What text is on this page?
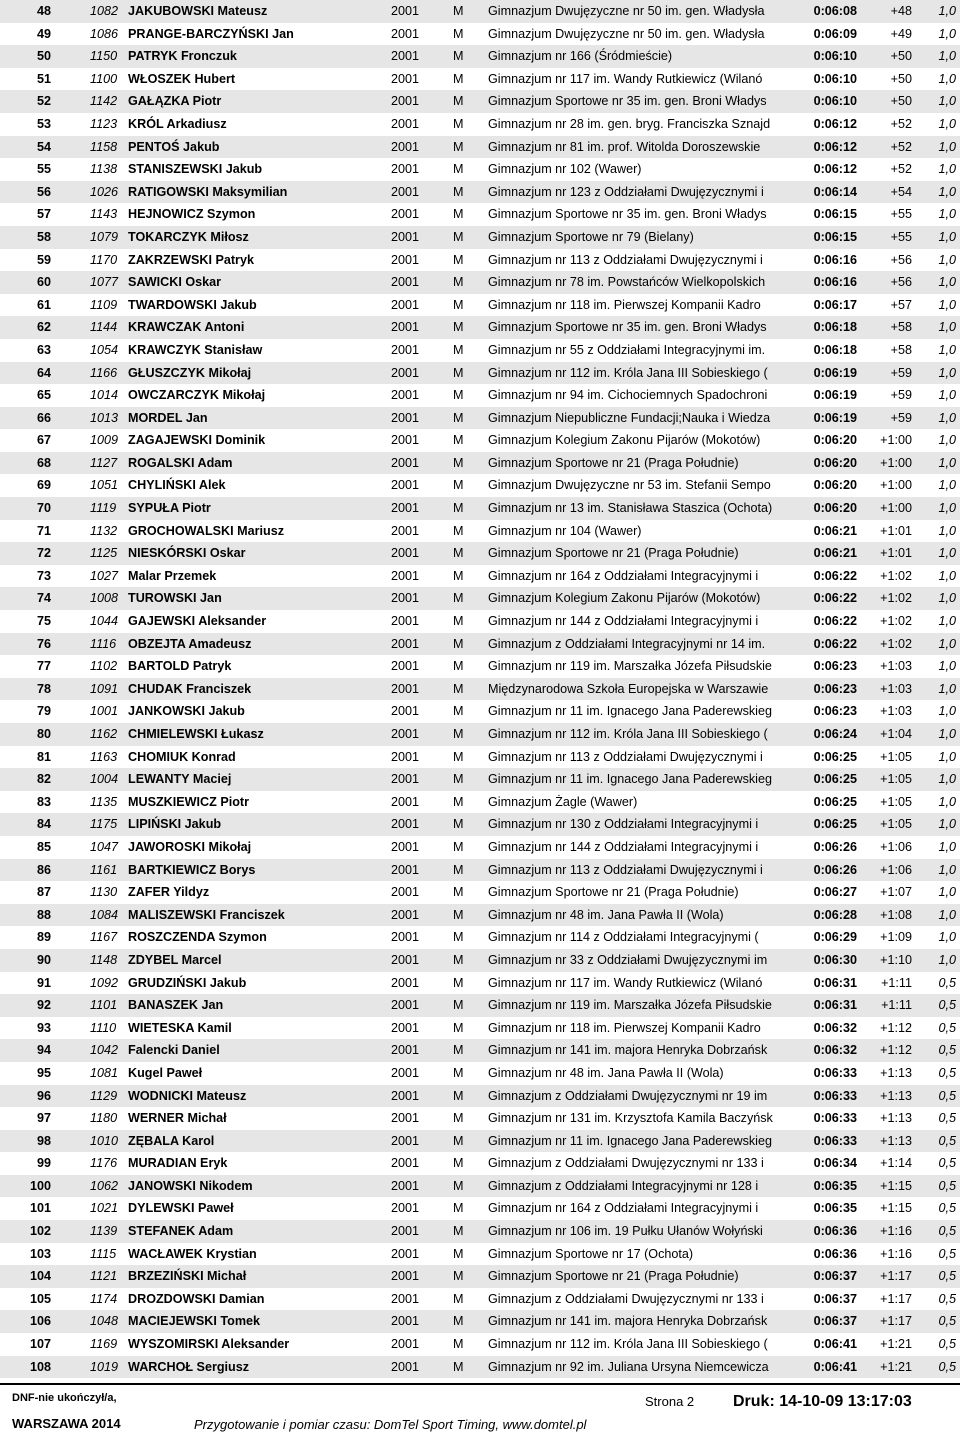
48	1082 JAKUBOWSKI Mateusz	2001	M	Gimnazjum Dwujęzyczne nr 50 im. gen. Władysła	0:06:08	+48	1,0
49	1086 PRANGE-BARCZYŃSKI Jan	2001	M	Gimnazjum Dwujęzyczne nr 50 im. gen. Władysła	0:06:09	+49	1,0
50	1150 PATRYK Fronczuk	2001	M	Gimnazjum nr 166 (Śródmieście)	0:06:10	+50	1,0
51	1100 WŁOSZEK Hubert	2001	M	Gimnazjum nr 117 im. Wandy Rutkiewicz (Wilanó	0:06:10	+50	1,0
52	1142 GAŁĄZKA Piotr	2001	M	Gimnazjum Sportowe nr 35 im. gen. Broni Władys	0:06:10	+50	1,0
53	1123 KRÓL Arkadiusz	2001	M	Gimnazjum nr 28 im. gen. bryg. Franciszka Sznajd	0:06:12	+52	1,0
54	1158 PENTOŚ Jakub	2001	M	Gimnazjum nr 81 im. prof. Witolda Doroszewskie	0:06:12	+52	1,0
55	1138 STANISZEWSKI Jakub	2001	M	Gimnazjum nr 102 (Wawer)	0:06:12	+52	1,0
56	1026 RATIGOWSKI Maksymilian	2001	M	Gimnazjum nr 123 z Oddziałami Dwujęzycznymi i	0:06:14	+54	1,0
57	1143 HEJNOWICZ Szymon	2001	M	Gimnazjum Sportowe nr 35 im. gen. Broni Władys	0:06:15	+55	1,0
58	1079 TOKARCZYK Miłosz	2001	M	Gimnazjum Sportowe nr 79 (Bielany)	0:06:15	+55	1,0
59	1170 ZAKRZEWSKI Patryk	2001	M	Gimnazjum nr 113 z Oddziałami Dwujęzycznymi i	0:06:16	+56	1,0
60	1077 SAWICKI Oskar	2001	M	Gimnazjum nr 78 im. Powstańców Wielkopolskich	0:06:16	+56	1,0
61	1109 TWARDOWSKI Jakub	2001	M	Gimnazjum nr 118 im. Pierwszej Kompanii Kadro	0:06:17	+57	1,0
62	1144 KRAWCZAK Antoni	2001	M	Gimnazjum Sportowe nr 35 im. gen. Broni Władys	0:06:18	+58	1,0
63	1054 KRAWCZYK Stanisław	2001	M	Gimnazjum nr 55 z Oddziałami Integracyjnymi im.	0:06:18	+58	1,0
64	1166 GŁUSZCZYK Mikołaj	2001	M	Gimnazjum nr 112 im. Króla Jana III Sobieskiego (	0:06:19	+59	1,0
65	1014 OWCZARCZYK Mikołaj	2001	M	Gimnazjum nr 94 im. Cichociemnych Spadochroni	0:06:19	+59	1,0
66	1013 MORDEL Jan	2001	M	Gimnazjum Niepubliczne Fundacji;Nauka i Wiedza	0:06:19	+59	1,0
67	1009 ZAGAJEWSKI Dominik	2001	M	Gimnazjum Kolegium Zakonu Pijarów (Mokotów)	0:06:20	+1:00	1,0
68	1127 ROGALSKI Adam	2001	M	Gimnazjum Sportowe nr 21 (Praga Południe)	0:06:20	+1:00	1,0
69	1051 CHYLIŃSKI Alek	2001	M	Gimnazjum Dwujęzyczne nr 53 im. Stefanii Sempo	0:06:20	+1:00	1,0
70	1119 SYPUŁA Piotr	2001	M	Gimnazjum nr 13 im. Stanisława Staszica (Ochota)	0:06:20	+1:00	1,0
71	1132 GROCHOWALSKI Mariusz	2001	M	Gimnazjum nr 104 (Wawer)	0:06:21	+1:01	1,0
72	1125 NIESKÓRSKI Oskar	2001	M	Gimnazjum Sportowe nr 21 (Praga Południe)	0:06:21	+1:01	1,0
73	1027 Malar Przemek	2001	M	Gimnazjum nr 164 z Oddziałami Integracyjnymi i	0:06:22	+1:02	1,0
74	1008 TUROWSKI Jan	2001	M	Gimnazjum Kolegium Zakonu Pijarów (Mokotów)	0:06:22	+1:02	1,0
75	1044 GAJEWSKI Aleksander	2001	M	Gimnazjum nr 144 z Oddziałami Integracyjnymi i	0:06:22	+1:02	1,0
76	1116 OBZEJTA Amadeusz	2001	M	Gimnazjum z Oddziałami Integracyjnymi nr 14 im.	0:06:22	+1:02	1,0
77	1102 BARTOLD Patryk	2001	M	Gimnazjum nr 119 im. Marszałka Józefa Piłsudskie	0:06:23	+1:03	1,0
78	1091 CHUDAK Franciszek	2001	M	Międzynarodowa Szkoła Europejska w Warszawie	0:06:23	+1:03	1,0
79	1001 JANKOWSKI Jakub	2001	M	Gimnazjum nr 11 im. Ignacego Jana Paderewskieg	0:06:23	+1:03	1,0
80	1162 CHMIELEWSKI Łukasz	2001	M	Gimnazjum nr 112 im. Króla Jana III Sobieskiego (	0:06:24	+1:04	1,0
81	1163 CHOMIUK Konrad	2001	M	Gimnazjum nr 113 z Oddziałami Dwujęzycznymi i	0:06:25	+1:05	1,0
82	1004 LEWANTY Maciej	2001	M	Gimnazjum nr 11 im. Ignacego Jana Paderewskieg	0:06:25	+1:05	1,0
83	1135 MUSZKIEWICZ Piotr	2001	M	Gimnazjum Żagle (Wawer)	0:06:25	+1:05	1,0
84	1175 LIPIŃSKI Jakub	2001	M	Gimnazjum nr 130 z Oddziałami Integracyjnymi i	0:06:25	+1:05	1,0
85	1047 JAWOROSKI Mikołaj	2001	M	Gimnazjum nr 144 z Oddziałami Integracyjnymi i	0:06:26	+1:06	1,0
86	1161 BARTKIEWICZ Borys	2001	M	Gimnazjum nr 113 z Oddziałami Dwujęzycznymi i	0:06:26	+1:06	1,0
87	1130 ZAFER Yildyz	2001	M	Gimnazjum Sportowe nr 21 (Praga Południe)	0:06:27	+1:07	1,0
88	1084 MALISZEWSKI Franciszek	2001	M	Gimnazjum nr 48 im. Jana Pawła II (Wola)	0:06:28	+1:08	1,0
89	1167 ROSZCZENDA Szymon	2001	M	Gimnazjum nr 114 z Oddziałami Integracyjnymi (	0:06:29	+1:09	1,0
90	1148 ZDYBEL Marcel	2001	M	Gimnazjum nr 33 z Oddziałami Dwujęzycznymi im	0:06:30	+1:10	1,0
91	1092 GRUDZIŃSKI Jakub	2001	M	Gimnazjum nr 117 im. Wandy Rutkiewicz (Wilanó	0:06:31	+1:11	0,5
92	1101 BANASZEK Jan	2001	M	Gimnazjum nr 119 im. Marszałka Józefa Piłsudskie	0:06:31	+1:11	0,5
93	1110 WIETESKA Kamil	2001	M	Gimnazjum nr 118 im. Pierwszej Kompanii Kadro	0:06:32	+1:12	0,5
94	1042 Falencki Daniel	2001	M	Gimnazjum nr 141 im. majora Henryka Dobrzańsk	0:06:32	+1:12	0,5
95	1081 Kugel Paweł	2001	M	Gimnazjum nr 48 im. Jana Pawła II (Wola)	0:06:33	+1:13	0,5
96	1129 WODNICKI Mateusz	2001	M	Gimnazjum z Oddziałami Dwujęzycznymi nr 19 im	0:06:33	+1:13	0,5
97	1180 WERNER Michał	2001	M	Gimnazjum nr 131 im. Krzysztofa Kamila Baczyńsk	0:06:33	+1:13	0,5
98	1010 ZĘBALA Karol	2001	M	Gimnazjum nr 11 im. Ignacego Jana Paderewskieg	0:06:33	+1:13	0,5
99	1176 MURADIAN Eryk	2001	M	Gimnazjum z Oddziałami Dwujęzycznymi nr 133 i	0:06:34	+1:14	0,5
100	1062 JANOWSKI Nikodem	2001	M	Gimnazjum z Oddziałami Integracyjnymi nr 128 i	0:06:35	+1:15	0,5
101	1021 DYLEWSKI Paweł	2001	M	Gimnazjum nr 164 z Oddziałami Integracyjnymi i	0:06:35	+1:15	0,5
102	1139 STEFANEK Adam	2001	M	Gimnazjum nr 106 im. 19 Pułku Ułanów Wołyński	0:06:36	+1:16	0,5
103	1115 WACŁAWEK Krystian	2001	M	Gimnazjum Sportowe nr 17 (Ochota)	0:06:36	+1:16	0,5
104	1121 BRZEZIŃSKI Michał	2001	M	Gimnazjum Sportowe nr 21 (Praga Południe)	0:06:37	+1:17	0,5
105	1174 DROZDOWSKI Damian	2001	M	Gimnazjum z Oddziałami Dwujęzycznymi nr 133 i	0:06:37	+1:17	0,5
106	1048 MACIEJEWSKI Tomek	2001	M	Gimnazjum nr 141 im. majora Henryka Dobrzańsk	0:06:37	+1:17	0,5
107	1169 WYSZOMIRSKI Aleksander	2001	M	Gimnazjum nr 112 im. Króla Jana III Sobieskiego (	0:06:41	+1:21	0,5
108	1019 WARCHOŁ Sergiusz	2001	M	Gimnazjum nr 92 im. Juliana Ursyna Niemcewicza	0:06:41	+1:21	0,5
DNF-nie ukończył/a,
WARSZAWA 2014
Strona 2 Druk: 14-10-09 13:17:03
Przygotowanie i pomiar czasu: DomTel Sport Timing, www.domtel.pl
